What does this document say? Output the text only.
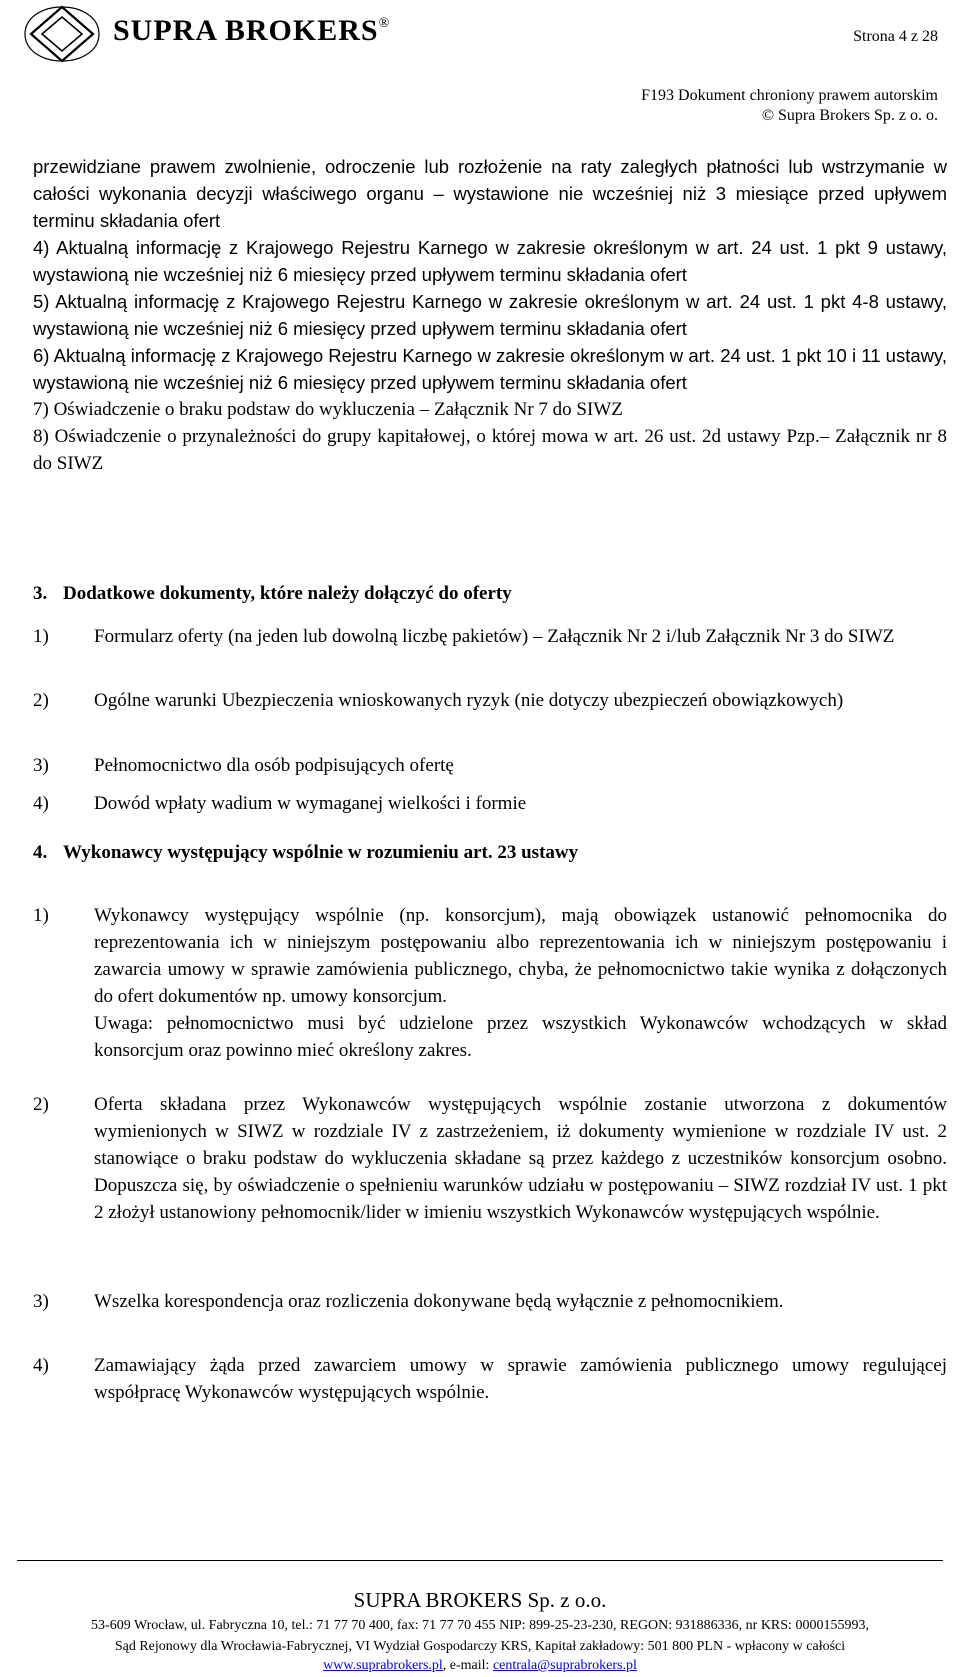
SUPRA BROKERS®
Strona 4 z 28
F193 Dokument chroniony prawem autorskim
© Supra Brokers Sp. z o. o.

przewidziane prawem zwolnienie, odroczenie lub rozłożenie na raty zaległych płatności lub wstrzymanie w całości wykonania decyzji właściwego organu – wystawione nie wcześniej niż 3 miesiące przed upływem terminu składania ofert

4) Aktualną informację z Krajowego Rejestru Karnego w zakresie określonym w art. 24 ust. 1 pkt 9 ustawy, wystawioną nie wcześniej niż 6 miesięcy przed upływem terminu składania ofert

5) Aktualną informację z Krajowego Rejestru Karnego w zakresie określonym w art. 24 ust. 1 pkt 4-8 ustawy, wystawioną nie wcześniej niż 6 miesięcy przed upływem terminu składania ofert

6) Aktualną informację z Krajowego Rejestru Karnego w zakresie określonym w art. 24 ust. 1 pkt 10 i 11 ustawy, wystawioną nie wcześniej niż 6 miesięcy przed upływem terminu składania ofert

7) Oświadczenie o braku podstaw do wykluczenia – Załącznik Nr 7 do SIWZ

8) Oświadczenie o przynależności do grupy kapitałowej, o której mowa w art. 26 ust. 2d ustawy Pzp.– Załącznik nr 8 do SIWZ

3. Dodatkowe dokumenty, które należy dołączyć do oferty
1) Formularz oferty (na jeden lub dowolną liczbę pakietów) – Załącznik Nr 2 i/lub Załącznik Nr 3 do SIWZ
2) Ogólne warunki Ubezpieczenia wnioskowanych ryzyk (nie dotyczy ubezpieczeń obowiązkowych)
3) Pełnomocnictwo dla osób podpisujących ofertę
4) Dowód wpłaty wadium w wymaganej wielkości i formie
4. Wykonawcy występujący wspólnie w rozumieniu art. 23 ustawy
1) Wykonawcy występujący wspólnie (np. konsorcjum), mają obowiązek ustanowić pełnomocnika do reprezentowania ich w niniejszym postępowaniu albo reprezentowania ich w niniejszym postępowaniu i zawarcia umowy w sprawie zamówienia publicznego, chyba, że pełnomocnictwo takie wynika z dołączonych do ofert dokumentów np. umowy konsorcjum.
Uwaga: pełnomocnictwo musi być udzielone przez wszystkich Wykonawców wchodzących w skład konsorcjum oraz powinno mieć określony zakres.
2) Oferta składana przez Wykonawców występujących wspólnie zostanie utworzona z dokumentów wymienionych w SIWZ w rozdziale IV z zastrzeżeniem, iż dokumenty wymienione w rozdziale IV ust. 2 stanowiące o braku podstaw do wykluczenia składane są przez każdego z uczestników konsorcjum osobno. Dopuszcza się, by oświadczenie o spełnieniu warunków udziału w postępowaniu – SIWZ rozdział IV ust. 1 pkt 2 złożył ustanowiony pełnomocnik/lider w imieniu wszystkich Wykonawców występujących wspólnie.
3) Wszelka korespondencja oraz rozliczenia dokonywane będą wyłącznie z pełnomocnikiem.
4) Zamawiający żąda przed zawarciem umowy w sprawie zamówienia publicznego umowy regulującej współpracę Wykonawców występujących wspólnie.
SUPRA BROKERS Sp. z o.o.
53-609 Wrocław, ul. Fabryczna 10, tel.: 71 77 70 400, fax: 71 77 70 455 NIP: 899-25-23-230, REGON: 931886336, nr KRS: 0000155993,
Sąd Rejonowy dla Wrocławia-Fabrycznej, VI Wydział Gospodarczy KRS, Kapitał zakładowy: 501 800 PLN - wpłacony w całości
www.suprabrokers.pl, e-mail: centrala@suprabrokers.pl
